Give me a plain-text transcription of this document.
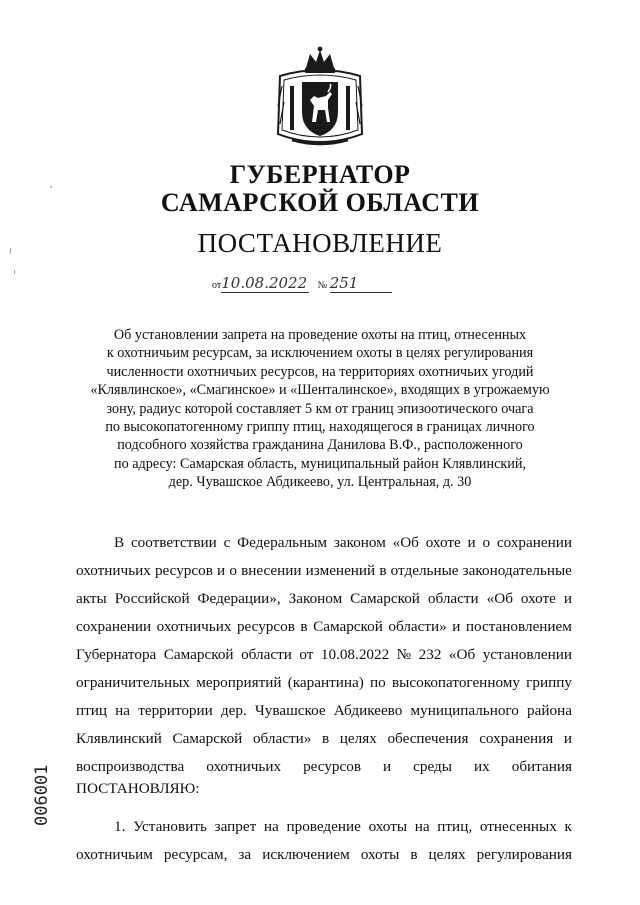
ГУБЕРНАТОР
САМАРСКОЙ ОБЛАСТИ
ПОСТАНОВЛЕНИЕ
от10.08.2022 № 251
Об установлении запрета на проведение охоты на птиц, отнесенных
к охотничьим ресурсам, за исключением охоты в целях регулирования
численности охотничьих ресурсов, на территориях охотничьих угодий
«Клявлинское», «Смагинское» и «Шенталинское», входящих в угрожаемую
зону, радиус которой составляет 5 км от границ эпизоотического очага
по высокопатогенному гриппу птиц, находящегося в границах личного
подсобного хозяйства гражданина Данилова В.Ф., расположенного
по адресу: Самарская область, муниципальный район Клявлинский,
дер. Чувашское Абдикеево, ул. Центральная, д. 30
В соответствии с Федеральным законом «Об охоте и о сохранении
охотничьих ресурсов и о внесении изменений в отдельные законодательные
акты Российской Федерации», Законом Самарской области «Об охоте и
сохранении охотничьих ресурсов в Самарской области» и постановлением
Губернатора Самарской области от 10.08.2022 № 232 «Об установлении
ограничительных мероприятий (карантина) по высокопатогенному гриппу
птиц на территории дер. Чувашское Абдикеево муниципального района
Клявлинский Самарской области» в целях обеспечения сохранения и
воспроизводства охотничьих ресурсов и среды их обитания
ПОСТАНОВЛЯЮ:
1. Установить запрет на проведение охоты на птиц, отнесенных к
охотничьим ресурсам, за исключением охоты в целях регулирования
006001
